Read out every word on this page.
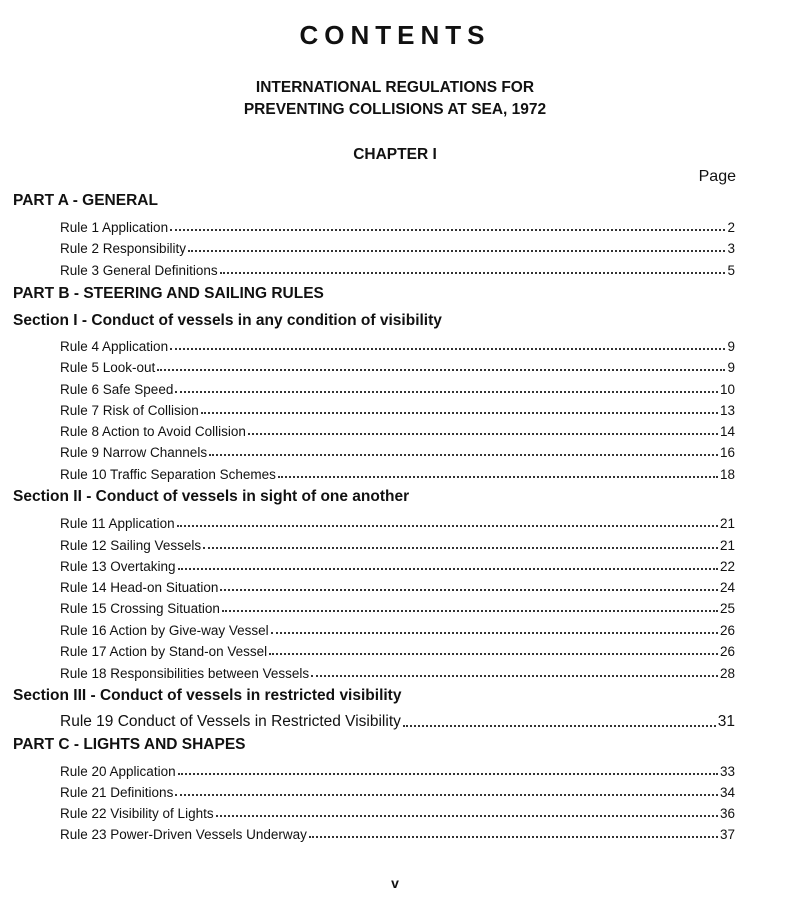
CONTENTS
INTERNATIONAL REGULATIONS FOR
PREVENTING COLLISIONS AT SEA, 1972
CHAPTER I
Page
PART A - GENERAL
Rule 1 Application	2
Rule 2 Responsibility	3
Rule 3 General Definitions	5
PART B - STEERING AND SAILING RULES
Section I - Conduct of vessels in any condition of visibility
Rule 4 Application	9
Rule 5 Look-out	9
Rule 6 Safe Speed	10
Rule 7 Risk of Collision	13
Rule 8 Action to Avoid Collision	14
Rule 9 Narrow Channels	16
Rule 10 Traffic Separation Schemes	18
Section II - Conduct of vessels in sight of one another
Rule 11 Application	21
Rule 12 Sailing Vessels	21
Rule 13 Overtaking	22
Rule 14 Head-on Situation	24
Rule 15 Crossing Situation	25
Rule 16 Action by Give-way Vessel	26
Rule 17 Action by Stand-on Vessel	26
Rule 18 Responsibilities between Vessels	28
Section III - Conduct of vessels in restricted visibility
Rule 19 Conduct of Vessels in Restricted Visibility	31
PART C - LIGHTS AND SHAPES
Rule 20 Application	33
Rule 21 Definitions	34
Rule 22 Visibility of Lights	36
Rule 23 Power-Driven Vessels Underway	37
v
